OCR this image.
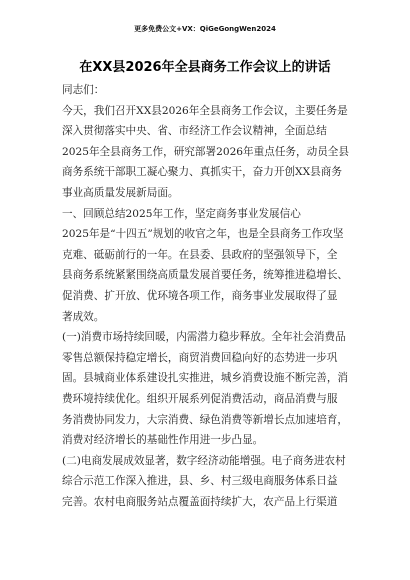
更多免费公文+VX：QiGeGongWen2024
在XX县2026年全县商务工作会议上的讲话
同志们：
今天，我们召开XX县2026年全县商务工作会议，主要任务是
深入贯彻落实中央、省、市经济工作会议精神，全面总结
2025年全县商务工作，研究部署2026年重点任务，动员全县
商务系统干部职工凝心聚力、真抓实干，奋力开创XX县商务
事业高质量发展新局面。
一、回顾总结2025年工作，坚定商务事业发展信心
2025年是“十四五”规划的收官之年，也是全县商务工作攻坚
克难、砥砺前行的一年。在县委、县政府的坚强领导下，全
县商务系统紧紧围绕高质量发展首要任务，统筹推进稳增长、
促消费、扩开放、优环境各项工作，商务事业发展取得了显
著成效。
(一)消费市场持续回暖，内需潜力稳步释放。全年社会消费品
零售总额保持稳定增长，商贸消费回稳向好的态势进一步巩
固。县城商业体系建设扎实推进，城乡消费设施不断完善，消
费环境持续优化。组织开展系列促消费活动，商品消费与服
务消费协同发力，大宗消费、绿色消费等新增长点加速培育，
消费对经济增长的基础性作用进一步凸显。
(二)电商发展成效显著，数字经济动能增强。电子商务进农村
综合示范工作深入推进，县、乡、村三级电商服务体系日益
完善。农村电商服务站点覆盖面持续扩大，农产品上行渠道
